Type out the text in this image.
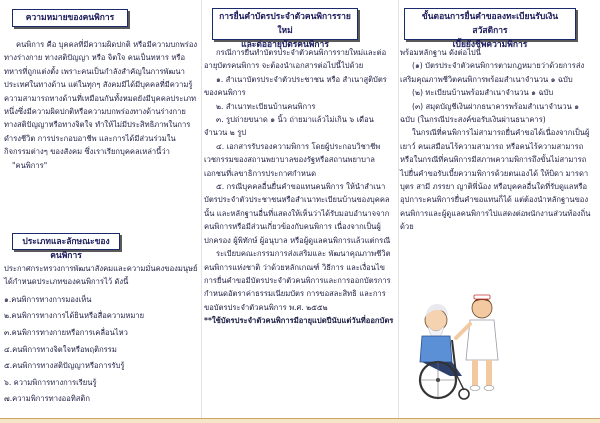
ความหมายของคนพิการ

คนพิการ คือ บุคคลที่มีความผิดปกติ หรือมีความบกพร่องทางร่างกาย ทางสติปัญญา หรือ จิตใจ คนเป็นทหาร หรือทหารที่ถูกแต่งตั้ง เพราะคนเป็นกำลังสำคัญในการพัฒนาประเทศในทางด้าน แต่ในทุกๆ สังคมมีได้มีบุคคลที่มีความรู้ ความสามารถทางด้านที่เหมือนกันทั้งหมดยังมีบุคคลประเภทหนึ่งซึ่งมีความผิดปกติหรือความบกพร่องทางด้านร่างกาย ทางสติปัญญาหรือทางจิตใจ ทำให้ไม่มีประสิทธิภาพในการดำรงชีวิต การประกอบอาชีพ และการได้มีส่วนร่วมในกิจกรรมต่างๆ ของสังคม ซึ่งเราเรียกบุคคลเหล่านี้ว่า

"คนพิการ"

ประเภทและลักษณะของคนพิการ

ประกาศกระทรวงการพัฒนาสังคมและความมั่นคงของมนุษย์ ได้กำหนดประเภทของคนพิการไว้ ดังนี้

๑.คนพิการทางการมองเห็น
๒.คนพิการทางการได้ยินหรือสื่อความหมาย
๓.คนพิการทางกายหรือการเคลื่อนไหว
๔.คนพิการทางจิตใจหรือพฤติกรรม
๕.คนพิการทางสติปัญญาหรือการรับรู้
๖. ความพิการทางการเรียนรู้
๗.ความพิการทางออทิสติก
การยื่นคำบัตรประจำตัวคนพิการรายใหม่
และต่ออายุบัตรคนพิการ

กรณีการยื่นทำบัตรประจำตัวคนพิการรายใหม่และต่ออายุบัตรคนพิการ จะต้องนำเอกสารต่อไปนี้ไปด้วย

๑. สำเนาบัตรประจำตัวประชาชน หรือ สำเนาสูติบัตรของคนพิการ

๒. สำเนาทะเบียนบ้านคนพิการ

๓. รูปถ่ายขนาด ๑ นิ้ว ถ่ายมาแล้วไม่เกิน ๖ เดือน จำนวน ๒ รูป

๔. เอกสารรับรองความพิการ โดยผู้ประกอบวิชาชีพเวชกรรมของสถานพยาบาลของรัฐหรือสถานพยาบาลเอกชนที่เลขาธิการประกาศกำหนด

๕. กรณีบุคคลอื่นยื่นคำขอแทนคนพิการ ให้นำสำเนาบัตรประจำตัวประชาชนหรือสำเนาทะเบียนบ้านของบุคคลนั้น และหลักฐานอื่นที่แสดงให้เห็นว่าได้รับมอบอำนาจจากคนพิการหรือมีส่วนเกี่ยวข้องกับคนพิการ เนื่องจากเป็นผู้ปกครอง ผู้พิทักษ์ ผู้อนุบาล หรือผู้ดูแลคนพิการแล้วแต่กรณี

ระเบียบคณะกรรมการส่งเสริมและ พัฒนาคุณภาพชีวิตคนพิการแห่งชาติ ว่าด้วยหลักเกณฑ์ วิธีการ และเงื่อนไขการยื่นคำขอมีบัตรประจำตัวคนพิการและการออกบัตรการกำหนดอัตราค่าธรรมเนียมบัตร การขอสละสิทธิ และการขอบัตรประจำตัวคนพิการ พ.ศ. ๒๕๕๒

**ใช้บัตรประจำตัวคนพิการมีอายุแปดปีนับแต่วันที่ออกบัตร

ขั้นตอนการยื่นคำขอลงทะเบียนรับเงินสวัสดิการ
เบี้ยยังชีพความพิการ

พร้อมหลักฐาน ดังต่อไปนี้

(๑) บัตรประจำตัวคนพิการตามกฎหมายว่าด้วยการส่งเสริมคุณภาพชีวิตคนพิการพร้อมสำเนาจำนวน ๑ ฉบับ

(๒) ทะเบียนบ้านพร้อมสำเนาจำนวน ๑ ฉบับ

(๓) สมุดบัญชีเงินฝากธนาคารพร้อมสำเนาจำนวน ๑ ฉบับ (ในกรณีประสงค์ขอรับเงินผ่านธนาคาร)

ในกรณีที่คนพิการไม่สามารถยื่นคำขอได้เนื่องจากเป็นผู้เยาว์ คนเสมือนไร้ความสามารถ หรือคนไร้ความสามารถ หรือในกรณีที่คนพิการมีสภาพความพิการถึงขั้นไม่สามารถไปยื่นคำขอรับเบี้ยความพิการด้วยตนเองได้ ให้บิดา มารดา บุตร สามี ภรรยา ญาติพี่น้อง หรือบุคคลอื่นใดที่รับดูแลหรืออุปการะคนพิการยื่นคำขอแทนก็ได้ แต่ต้องนำหลักฐานของคนพิการและผู้ดูแลคนพิการไปแสดงต่อพนักงานส่วนท้องถิ่นด้วย
